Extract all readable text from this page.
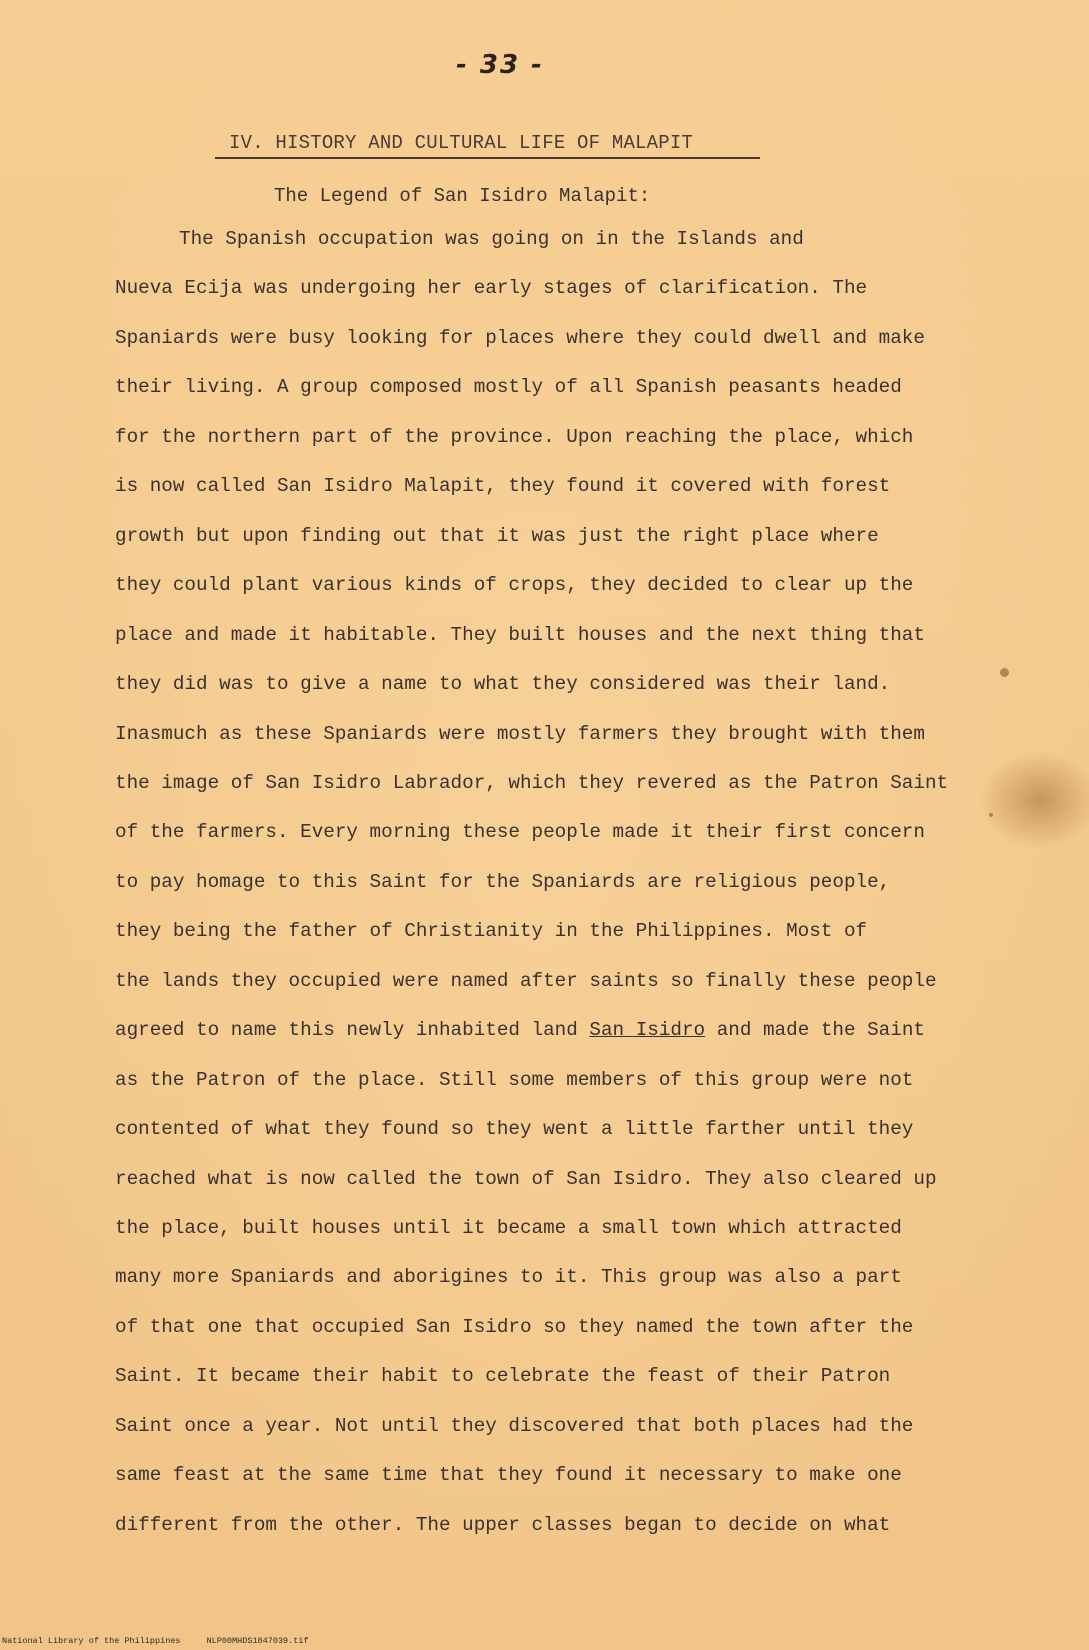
- 33 -
IV. HISTORY AND CULTURAL LIFE OF MALAPIT
The Legend of San Isidro Malapit:
The Spanish occupation was going on in the Islands and
Nueva Ecija was undergoing her early stages of clarification. The
Spaniards were busy looking for places where they could dwell and make
their living. A group composed mostly of all Spanish peasants headed
for the northern part of the province. Upon reaching the place, which
is now called San Isidro Malapit, they found it covered with forest
growth but upon finding out that it was just the right place where
they could plant various kinds of crops, they decided to clear up the
place and made it habitable. They built houses and the next thing that
they did was to give a name to what they considered was their land.
Inasmuch as these Spaniards were mostly farmers they brought with them
the image of San Isidro Labrador, which they revered as the Patron Saint
of the farmers. Every morning these people made it their first concern
to pay homage to this Saint for the Spaniards are religious people,
they being the father of Christianity in the Philippines. Most of
the lands they occupied were named after saints so finally these people
agreed to name this newly inhabited land San Isidro and made the Saint
as the Patron of the place. Still some members of this group were not
contented of what they found so they went a little farther until they
reached what is now called the town of San Isidro. They also cleared up
the place, built houses until it became a small town which attracted
many more Spaniards and aborigines to it. This group was also a part
of that one that occupied San Isidro so they named the town after the
Saint. It became their habit to celebrate the feast of their Patron
Saint once a year. Not until they discovered that both places had the
same feast at the same time that they found it necessary to make one
different from the other. The upper classes began to decide on what
National Library of the Philippines	NLP00MHDS1847039.tif
